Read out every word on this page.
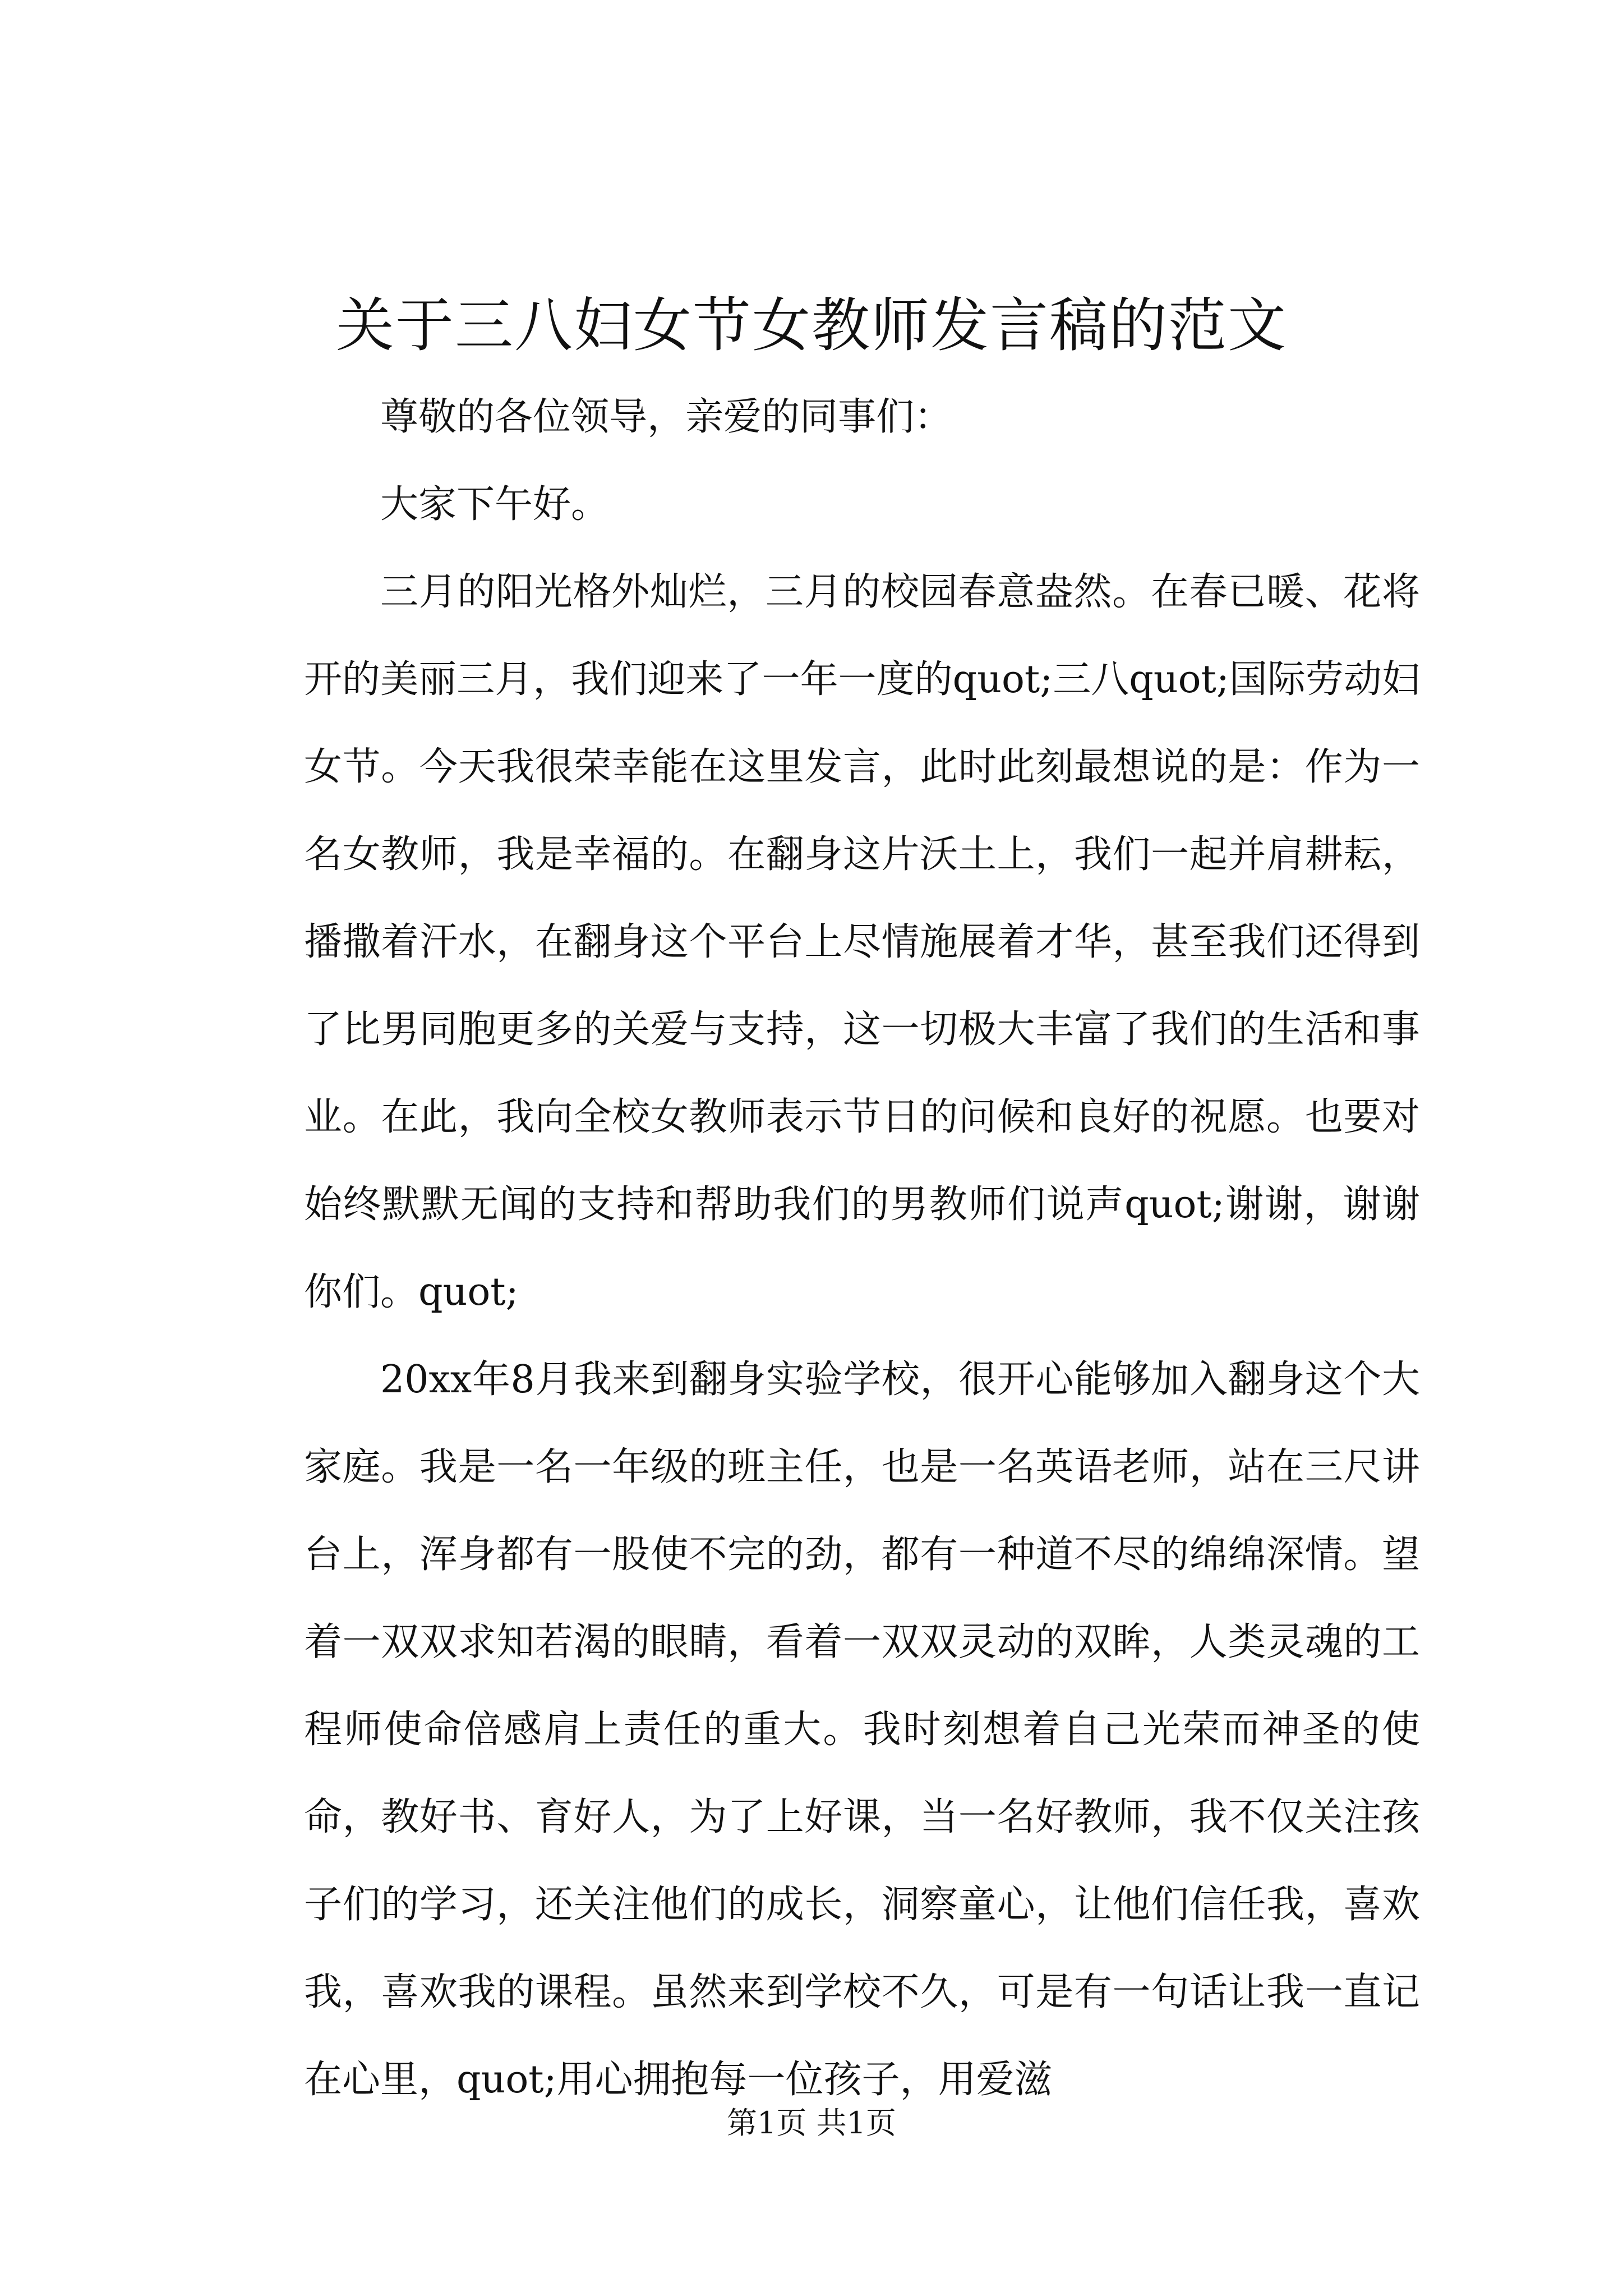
关于三八妇女节女教师发言稿的范文

尊敬的各位领导，亲爱的同事们：

大家下午好。

三月的阳光格外灿烂，三月的校园春意盎然。在春已暖、花将开的美丽三月，我们迎来了一年一度的quot;三八quot;国际劳动妇女节。今天我很荣幸能在这里发言，此时此刻最想说的是：作为一名女教师，我是幸福的。在翻身这片沃土上，我们一起并肩耕耘，播撒着汗水，在翻身这个平台上尽情施展着才华，甚至我们还得到了比男同胞更多的关爱与支持，这一切极大丰富了我们的生活和事业。在此，我向全校女教师表示节日的问候和良好的祝愿。也要对始终默默无闻的支持和帮助我们的男教师们说声quot;谢谢，谢谢你们。quot;

20xx年8月我来到翻身实验学校，很开心能够加入翻身这个大家庭。我是一名一年级的班主任，也是一名英语老师，站在三尺讲台上，浑身都有一股使不完的劲，都有一种道不尽的绵绵深情。望着一双双求知若渴的眼睛，看着一双双灵动的双眸，人类灵魂的工程师使命倍感肩上责任的重大。我时刻想着自己光荣而神圣的使命，教好书、育好人，为了上好课，当一名好教师，我不仅关注孩子们的学习，还关注他们的成长，洞察童心，让他们信任我，喜欢我，喜欢我的课程。虽然来到学校不久，可是有一句话让我一直记在心里，quot;用心拥抱每一位孩子，用爱滋

第1页 共1页
